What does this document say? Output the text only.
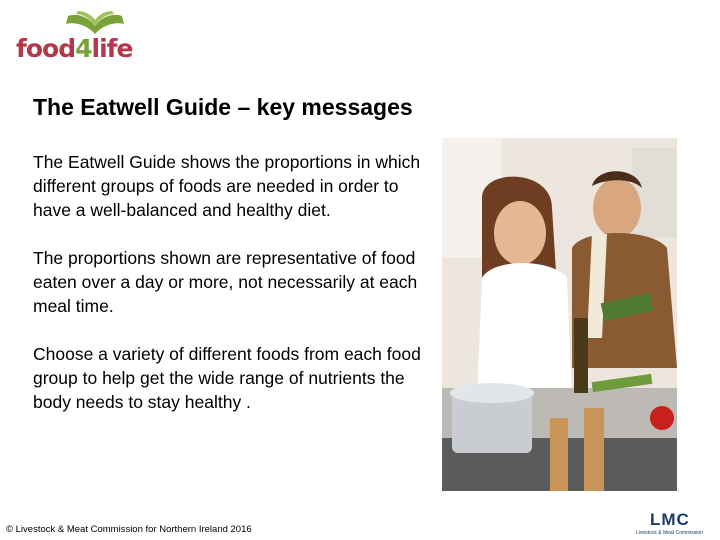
food4life
The Eatwell Guide – key messages

The Eatwell Guide shows the proportions in which different groups of foods are needed in order to have a well-balanced and healthy diet.

The proportions shown are representative of food eaten over a day or more, not necessarily at each meal time.

Choose a variety of different foods from each food group to help get the wide range of nutrients the body needs to stay healthy .

© Livestock & Meat Commission for Northern Ireland 2016
LMC
Livestock & Meat Commission
